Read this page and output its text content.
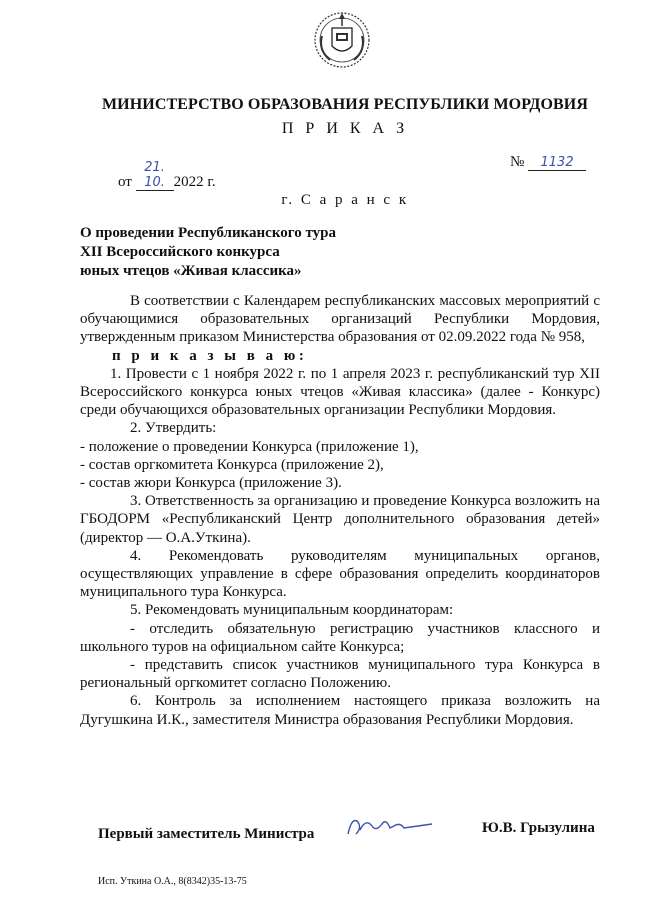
МИНИСТЕРСТВО ОБРАЗОВАНИЯ РЕСПУБЛИКИ МОРДОВИЯ
П Р И К А З
от 21. 10. 2022 г.
№ 1132
г. С а р а н с к
О проведении Республиканского тура
XII Всероссийского конкурса
юных чтецов «Живая классика»

В соответствии с Календарем республиканских массовых мероприятий с обучающимися образовательных организаций Республики Мордовия, утвержденным приказом Министерства образования от 02.09.2022 года № 958,

п р и к а з ы в а ю:

1. Провести с 1 ноября 2022 г. по 1 апреля 2023 г. республиканский тур XII Всероссийского конкурса юных чтецов «Живая классика» (далее - Конкурс) среди обучающихся образовательных организации Республики Мордовия.

2. Утвердить:

- положение о проведении Конкурса (приложение 1),

- состав оргкомитета Конкурса (приложение 2),

- состав жюри Конкурса (приложение 3).

3. Ответственность за организацию и проведение Конкурса возложить на ГБОДОРМ «Республиканский Центр дополнительного образования детей» (директор — О.А.Уткина).

4. Рекомендовать руководителям муниципальных органов, осуществляющих управление в сфере образования определить координаторов муниципального тура Конкурса.

5. Рекомендовать муниципальным координаторам:

- отследить обязательную регистрацию участников классного и школьного туров на официальном сайте Конкурса;

- представить список участников муниципального тура Конкурса в региональный оргкомитет согласно Положению.

6. Контроль за исполнением настоящего приказа возложить на Дугушкина И.К., заместителя Министра образования Республики Мордовия.

Первый заместитель Министра	Ю.В. Грызулина
Исп. Уткина О.А., 8(8342)35-13-75
